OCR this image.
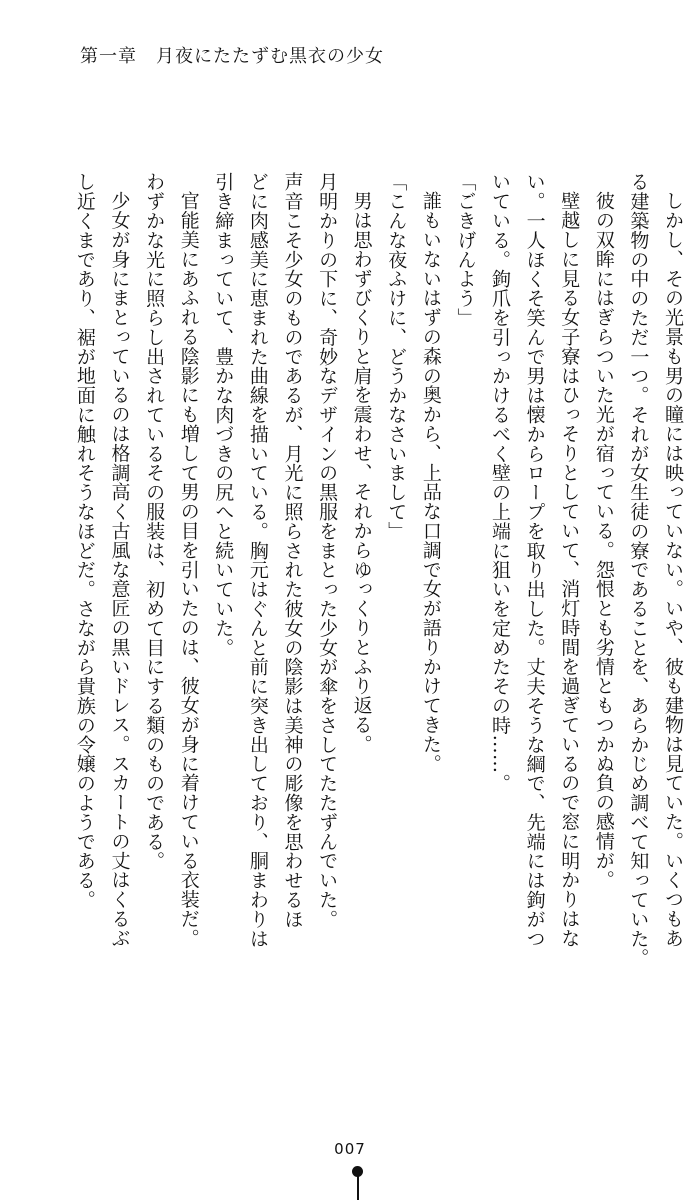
第一章　月夜にたたずむ黒衣の少女
しかし、その光景も男の瞳には映っていない。いや、彼も建物は見ていた。いくつもあ
る建築物の中のただ一つ。それが女生徒の寮であることを、あらかじめ調べて知っていた。
彼の双眸にはぎらついた光が宿っている。怨恨とも劣情ともつかぬ負の感情が。
壁越しに見る女子寮はひっそりとしていて、消灯時間を過ぎているので窓に明かりはな
い。一人ほくそ笑んで男は懐からロープを取り出した。丈夫そうな綱で、先端には鉤がつ
いている。鉤爪を引っかけるべく壁の上端に狙いを定めたその時……。
「ごきげんよう」
誰もいないはずの森の奥から、上品な口調で女が語りかけてきた。
「こんな夜ふけに、どうかなさいまして」
男は思わずびくりと肩を震わせ、それからゆっくりとふり返る。
月明かりの下に、奇妙なデザインの黒服をまとった少女が傘をさしてたたずんでいた。
声音こそ少女のものであるが、月光に照らされた彼女の陰影は美神の彫像を思わせるほ
どに肉感美に恵まれた曲線を描いている。胸元はぐんと前に突き出しており、胴まわりは
引き締まっていて、豊かな肉づきの尻へと続いていた。
官能美にあふれる陰影にも増して男の目を引いたのは、彼女が身に着けている衣装だ。
わずかな光に照らし出されているその服装は、初めて目にする類のものである。
少女が身にまとっているのは格調高く古風な意匠の黒いドレス。スカートの丈はくるぶ
し近くまであり、裾が地面に触れそうなほどだ。さながら貴族の令嬢のようである。
007
